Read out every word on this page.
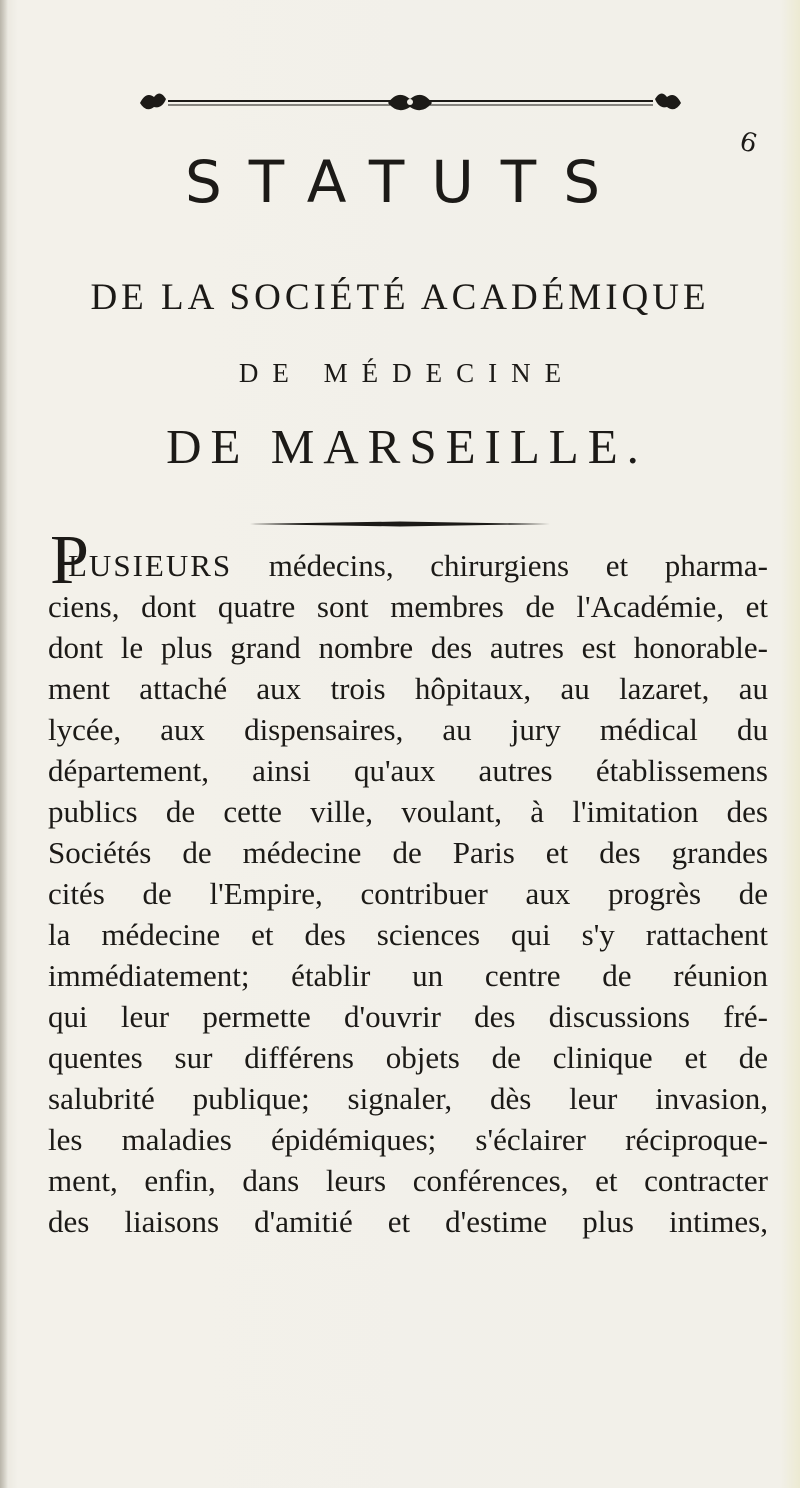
6
STATUTS
DE LA SOCIÉTÉ ACADÉMIQUE
DE MÉDECINE
DE MARSEILLE.
P
LUSIEURS médecins, chirurgiens et pharma-
ciens, dont quatre sont membres de l'Académie, et
dont le plus grand nombre des autres est honorable-
ment attaché aux trois hôpitaux, au lazaret, au
lycée, aux dispensaires, au jury médical du
département, ainsi qu'aux autres établissemens
publics de cette ville, voulant, à l'imitation des
Sociétés de médecine de Paris et des grandes
cités de l'Empire, contribuer aux progrès de
la médecine et des sciences qui s'y rattachent
immédiatement; établir un centre de réunion
qui leur permette d'ouvrir des discussions fré-
quentes sur différens objets de clinique et de
salubrité publique; signaler, dès leur invasion,
les maladies épidémiques; s'éclairer réciproque-
ment, enfin, dans leurs conférences, et contracter
des liaisons d'amitié et d'estime plus intimes,
